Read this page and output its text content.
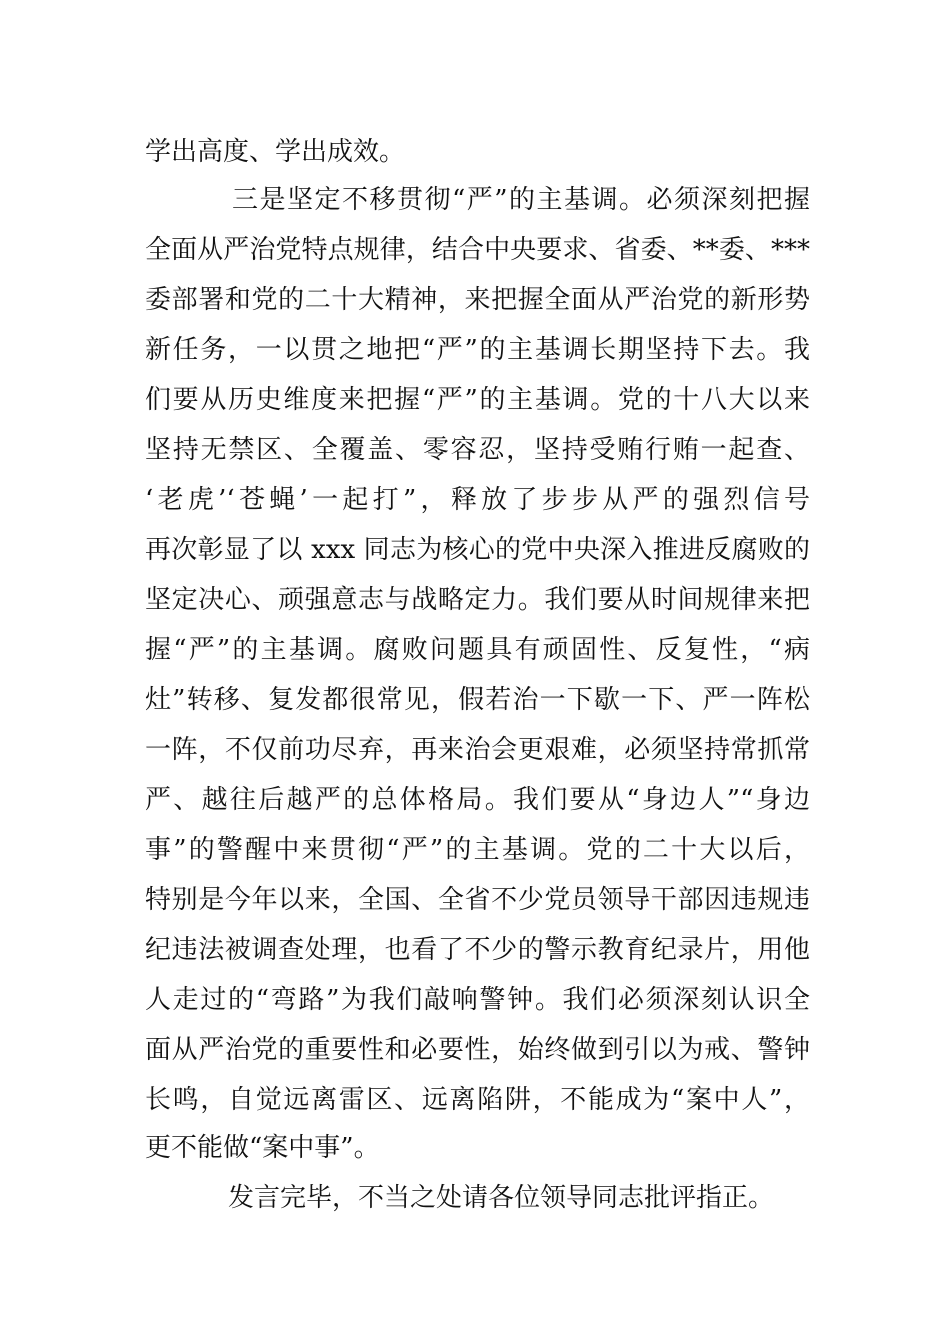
学出高度、学出成效。
三是坚定不移贯彻“严”的主基调。必须深刻把握
全面从严治党特点规律，结合中央要求、省委、**委、***
委部署和党的二十大精神，来把握全面从严治党的新形势
新任务，一以贯之地把“严”的主基调长期坚持下去。我
们要从历史维度来把握“严”的主基调。党的十八大以来
坚持无禁区、全覆盖、零容忍，坚持受贿行贿一起查、
‘老虎’‘苍蝇’一起打”，释放了步步从严的强烈信号
再次彰显了以 xxx 同志为核心的党中央深入推进反腐败的
坚定决心、顽强意志与战略定力。我们要从时间规律来把
握“严”的主基调。腐败问题具有顽固性、反复性，“病
灶”转移、复发都很常见，假若治一下歇一下、严一阵松
一阵，不仅前功尽弃，再来治会更艰难，必须坚持常抓常
严、越往后越严的总体格局。我们要从“身边人”“身边
事”的警醒中来贯彻“严”的主基调。党的二十大以后，
特别是今年以来，全国、全省不少党员领导干部因违规违
纪违法被调查处理，也看了不少的警示教育纪录片，用他
人走过的“弯路”为我们敲响警钟。我们必须深刻认识全
面从严治党的重要性和必要性，始终做到引以为戒、警钟
长鸣，自觉远离雷区、远离陷阱，不能成为“案中人”，
更不能做“案中事”。
发言完毕，不当之处请各位领导同志批评指正。
